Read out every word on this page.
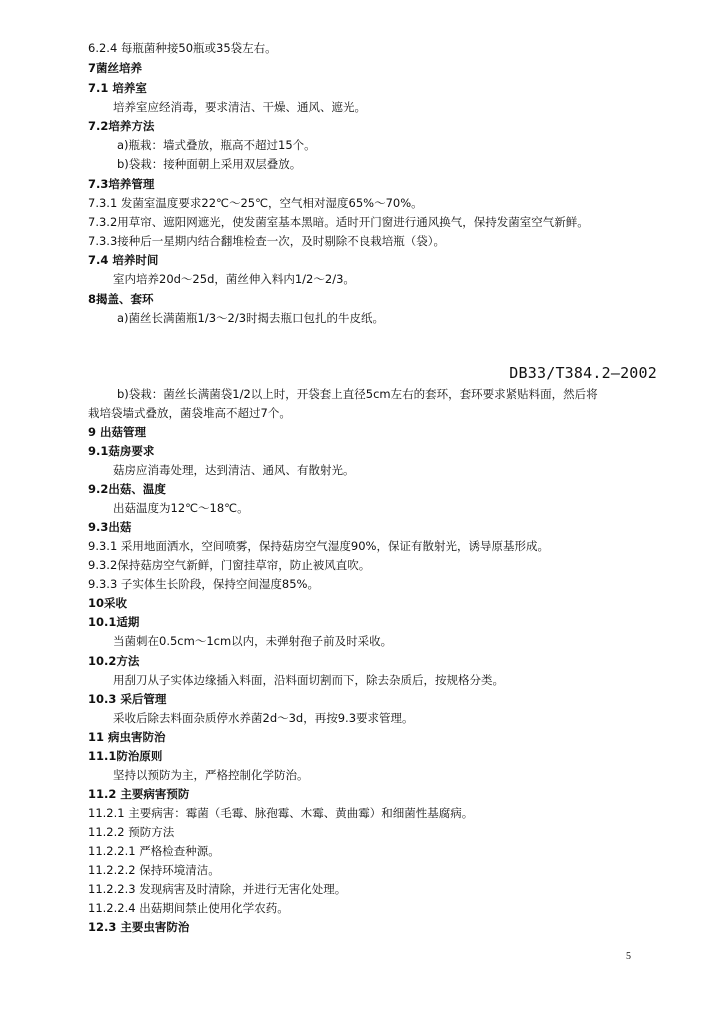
6.2.4 每瓶菌种接50瓶或35袋左右。
7菌丝培养
7.1 培养室
培养室应经消毒，要求清洁、干燥、通风、遮光。
7.2培养方法
a)瓶栽：墙式叠放，瓶高不超过15个。
b)袋栽：接种面朝上采用双层叠放。
7.3培养管理
7.3.1 发菌室温度要求22℃～25℃，空气相对湿度65%～70%。
7.3.2用草帘、遮阳网遮光，使发菌室基本黑暗。适时开门窗进行通风换气，保持发菌室空气新鲜。
7.3.3接种后一星期内结合翻堆检查一次，及时剔除不良栽培瓶（袋）。
7.4 培养时间
室内培养20d～25d，菌丝伸入料内1/2～2/3。
8揭盖、套环
a)菌丝长满菌瓶1/3～2/3时揭去瓶口包扎的牛皮纸。
DB33/T384.2—2002
b)袋栽：菌丝长满菌袋1/2以上时，开袋套上直径5cm左右的套环，套环要求紧贴料面，然后将
栽培袋墙式叠放，菌袋堆高不超过7个。
9 出菇管理
9.1菇房要求
菇房应消毒处理，达到清洁、通风、有散射光。
9.2出菇、温度
出菇温度为12℃～18℃。
9.3出菇
9.3.1 采用地面洒水，空间喷雾，保持菇房空气湿度90%，保证有散射光，诱导原基形成。
9.3.2保持菇房空气新鲜，门窗挂草帘，防止被风直吹。
9.3.3 子实体生长阶段，保持空间湿度85%。
10采收
10.1适期
当菌刺在0.5cm～1cm以内，未弹射孢子前及时采收。
10.2方法
用刮刀从子实体边缘插入料面，沿料面切割而下，除去杂质后，按规格分类。
10.3 采后管理
采收后除去料面杂质停水养菌2d～3d，再按9.3要求管理。
11 病虫害防治
11.1防治原则
坚持以预防为主，严格控制化学防治。
11.2 主要病害预防
11.2.1 主要病害：霉菌（毛霉、脉孢霉、木霉、黄曲霉）和细菌性基腐病。
11.2.2 预防方法
11.2.2.1 严格检查种源。
11.2.2.2 保持环境清洁。
11.2.2.3 发现病害及时清除，并进行无害化处理。
11.2.2.4 出菇期间禁止使用化学农药。
12.3 主要虫害防治
5
